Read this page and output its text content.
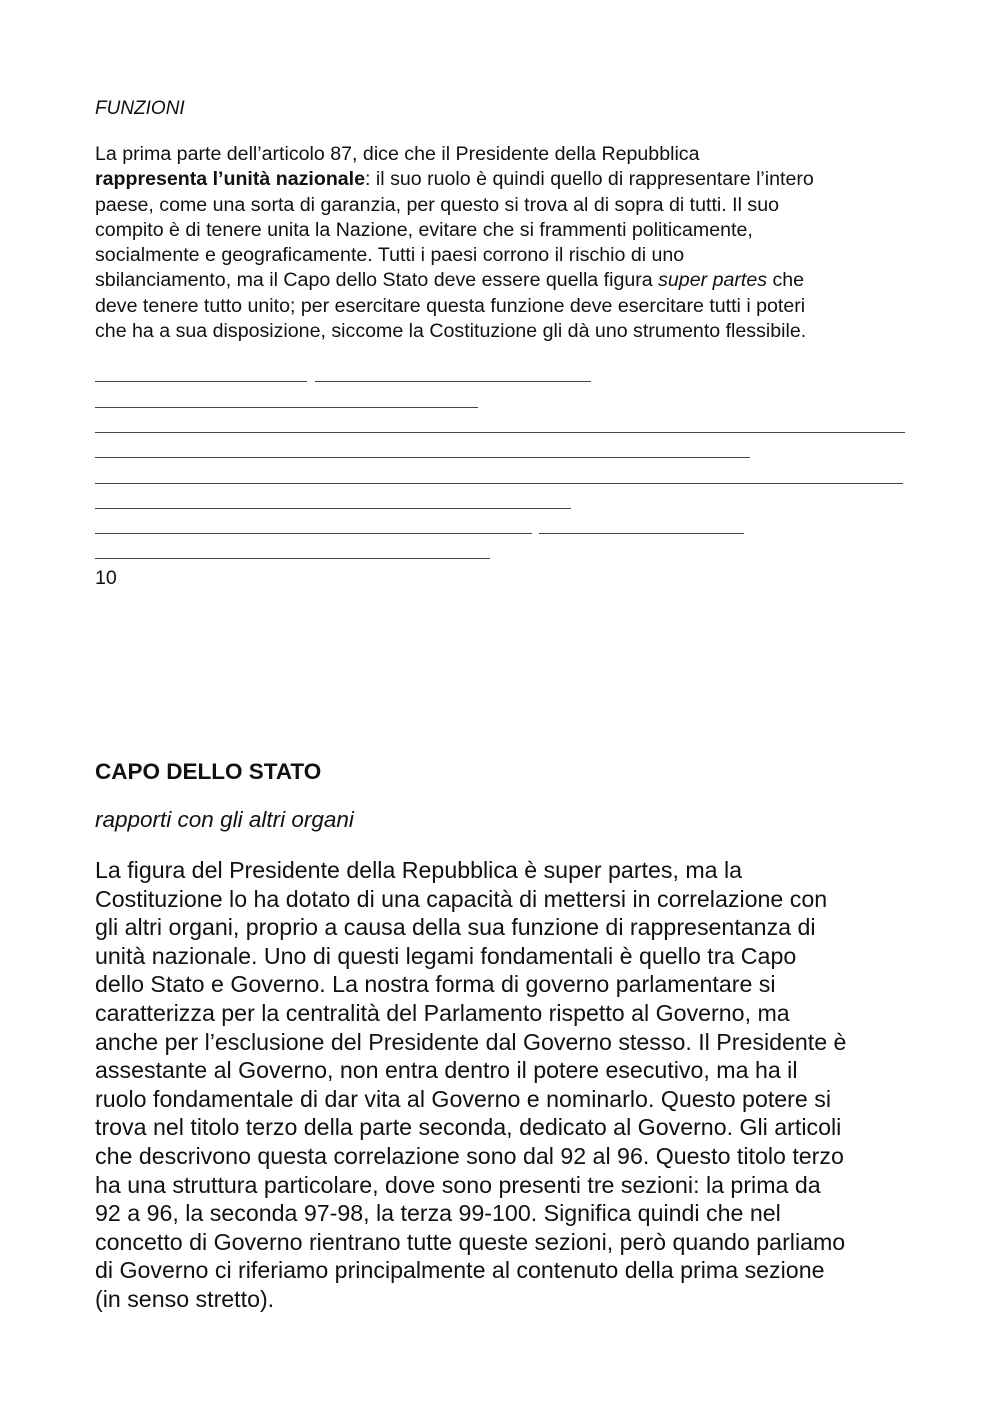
FUNZIONI

La prima parte dell’articolo 87, dice che il Presidente della Repubblica
rappresenta l’unità nazionale: il suo ruolo è quindi quello di rappresentare l’intero
paese, come una sorta di garanzia, per questo si trova al di sopra di tutti. Il suo
compito è di tenere unita la Nazione, evitare che si frammenti politicamente,
socialmente e geograficamente. Tutti i paesi corrono il rischio di uno
sbilanciamento, ma il Capo dello Stato deve essere quella figura super partes che
deve tenere tutto unito; per esercitare questa funzione deve esercitare tutti i poteri
che ha a sua disposizione, siccome la Costituzione gli dà uno strumento flessibile.

10

CAPO DELLO STATO

rapporti con gli altri organi

La figura del Presidente della Repubblica è super partes, ma la
Costituzione lo ha dotato di una capacità di mettersi in correlazione con
gli altri organi, proprio a causa della sua funzione di rappresentanza di
unità nazionale. Uno di questi legami fondamentali è quello tra Capo
dello Stato e Governo. La nostra forma di governo parlamentare si
caratterizza per la centralità del Parlamento rispetto al Governo, ma
anche per l’esclusione del Presidente dal Governo stesso. Il Presidente è
assestante al Governo, non entra dentro il potere esecutivo, ma ha il
ruolo fondamentale di dar vita al Governo e nominarlo. Questo potere si
trova nel titolo terzo della parte seconda, dedicato al Governo. Gli articoli
che descrivono questa correlazione sono dal 92 al 96. Questo titolo terzo
ha una struttura particolare, dove sono presenti tre sezioni: la prima da
92 a 96, la seconda 97-98, la terza 99-100. Significa quindi che nel
concetto di Governo rientrano tutte queste sezioni, però quando parliamo
di Governo ci riferiamo principalmente al contenuto della prima sezione
(in senso stretto).
